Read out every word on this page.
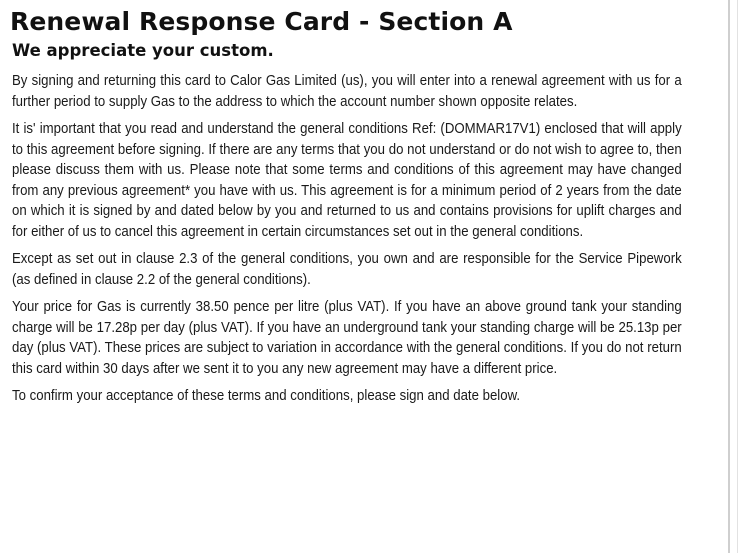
Renewal Response Card - Section A
We appreciate your custom.

By signing and returning this card to Calor Gas Limited (us), you will enter into a renewal agreement with us for a further period to supply Gas to the address to which the account number shown opposite relates.

It is' important that you read and understand the general conditions Ref: (DOMMAR17V1) enclosed that will apply to this agreement before signing. If there are any terms that you do not understand or do not wish to agree to, then please discuss them with us. Please note that some terms and conditions of this agreement may have changed from any previous agreement* you have with us. This agreement is for a minimum period of 2 years from the date on which it is signed by and dated below by you and returned to us and contains provisions for uplift charges and for either of us to cancel this agreement in certain circumstances set out in the general conditions.

Except as set out in clause 2.3 of the general conditions, you own and are responsible for the Service Pipework (as defined in clause 2.2 of the general conditions).

Your price for Gas is currently 38.50 pence per litre (plus VAT). If you have an above ground tank your standing charge will be 17.28p per day (plus VAT). If you have an underground tank your standing charge will be 25.13p per day (plus VAT). These prices are subject to variation in accordance with the general conditions. If you do not return this card within 30 days after we sent it to you any new agreement may have a different price.

To confirm your acceptance of these terms and conditions, please sign and date below.
